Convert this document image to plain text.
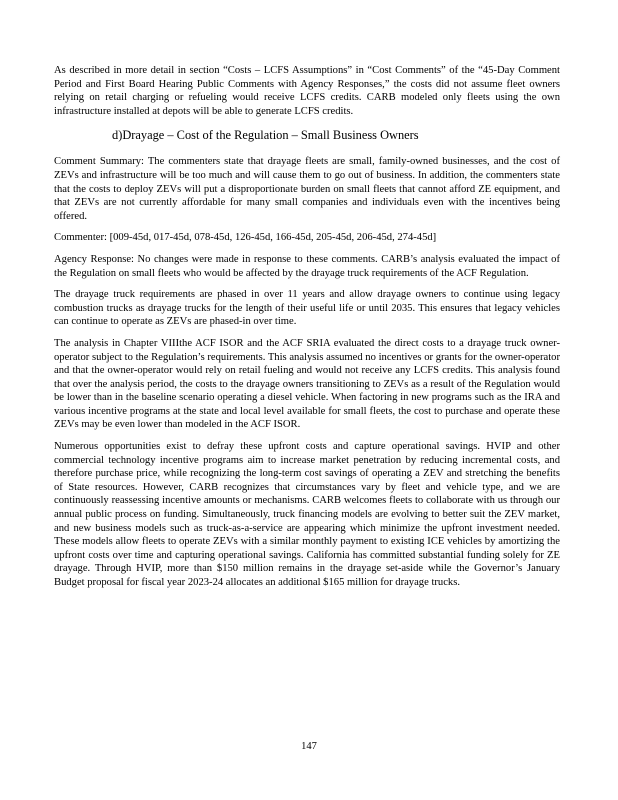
As described in more detail in section “Costs – LCFS Assumptions” in “Cost Comments” of the “45-Day Comment Period and First Board Hearing Public Comments with Agency Responses,” the costs did not assume fleet owners relying on retail charging or refueling would receive LCFS credits. CARB modeled only fleets using the own infrastructure installed at depots will be able to generate LCFS credits.

d)Drayage – Cost of the Regulation – Small Business Owners

Comment Summary: The commenters state that drayage fleets are small, family-owned businesses, and the cost of ZEVs and infrastructure will be too much and will cause them to go out of business. In addition, the commenters state that the costs to deploy ZEVs will put a disproportionate burden on small fleets that cannot afford ZE equipment, and that ZEVs are not currently affordable for many small companies and individuals even with the incentives being offered.

Commenter: [009-45d, 017-45d, 078-45d, 126-45d, 166-45d, 205-45d, 206-45d, 274-45d]

Agency Response: No changes were made in response to these comments. CARB’s analysis evaluated the impact of the Regulation on small fleets who would be affected by the drayage truck requirements of the ACF Regulation.

The drayage truck requirements are phased in over 11 years and allow drayage owners to continue using legacy combustion trucks as drayage trucks for the length of their useful life or until 2035. This ensures that legacy vehicles can continue to operate as ZEVs are phased-in over time.

The analysis in Chapter VIIIthe ACF ISOR and the ACF SRIA evaluated the direct costs to a drayage truck owner-operator subject to the Regulation’s requirements. This analysis assumed no incentives or grants for the owner-operator and that the owner-operator would rely on retail fueling and would not receive any LCFS credits. This analysis found that over the analysis period, the costs to the drayage owners transitioning to ZEVs as a result of the Regulation would be lower than in the baseline scenario operating a diesel vehicle. When factoring in new programs such as the IRA and various incentive programs at the state and local level available for small fleets, the cost to purchase and operate these ZEVs may be even lower than modeled in the ACF ISOR.

Numerous opportunities exist to defray these upfront costs and capture operational savings. HVIP and other commercial technology incentive programs aim to increase market penetration by reducing incremental costs, and therefore purchase price, while recognizing the long-term cost savings of operating a ZEV and stretching the benefits of State resources. However, CARB recognizes that circumstances vary by fleet and vehicle type, and we are continuously reassessing incentive amounts or mechanisms. CARB welcomes fleets to collaborate with us through our annual public process on funding. Simultaneously, truck financing models are evolving to better suit the ZEV market, and new business models such as truck-as-a-service are appearing which minimize the upfront investment needed. These models allow fleets to operate ZEVs with a similar monthly payment to existing ICE vehicles by amortizing the upfront costs over time and capturing operational savings. California has committed substantial funding solely for ZE drayage. Through HVIP, more than $150 million remains in the drayage set-aside while the Governor’s January Budget proposal for fiscal year 2023-24 allocates an additional $165 million for drayage trucks.

147
